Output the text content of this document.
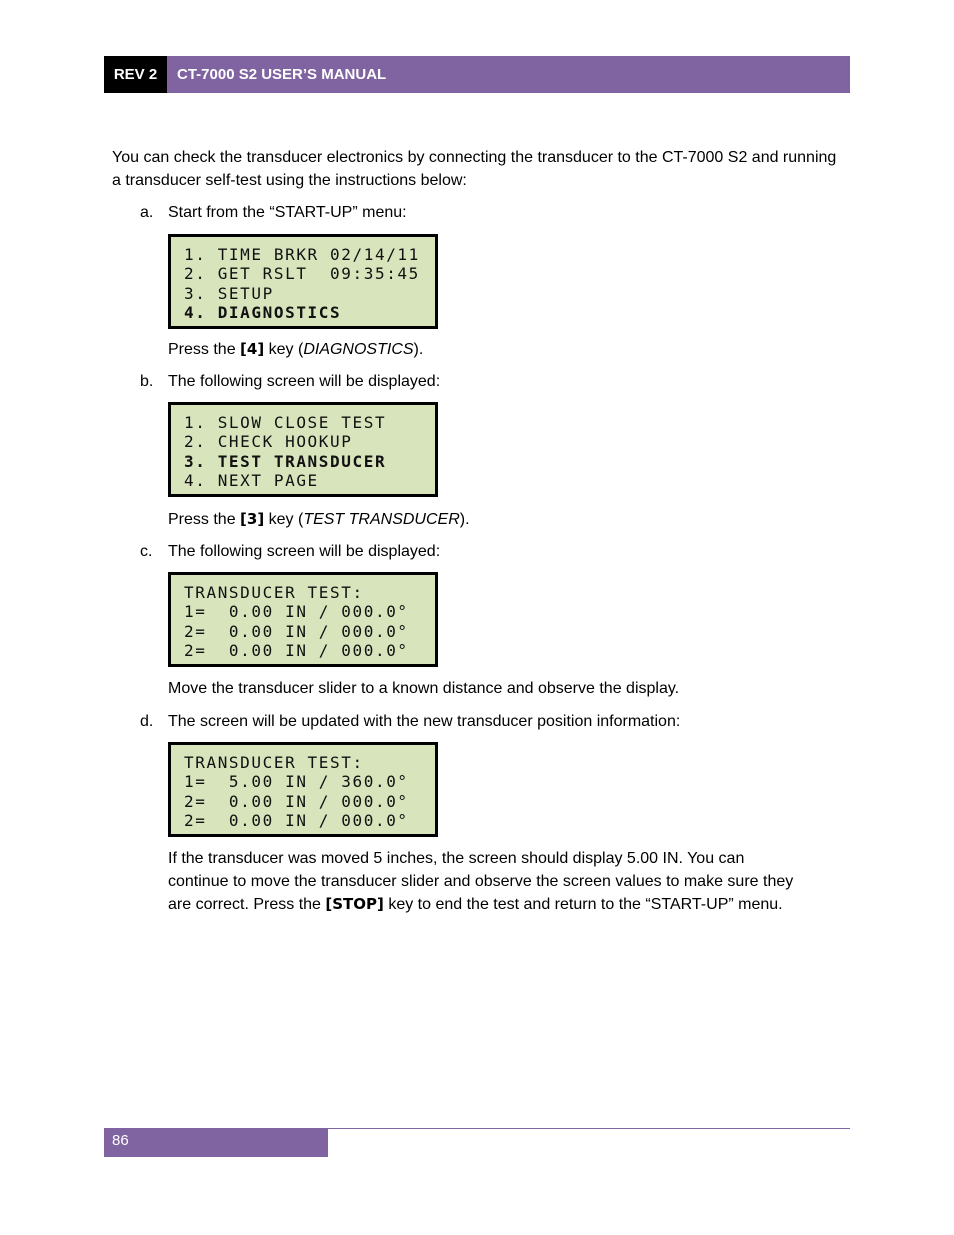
REV 2	CT-7000 S2 USER’S MANUAL
You can check the transducer electronics by connecting the transducer to the CT-7000 S2 and running a transducer self-test using the instructions below:
a. Start from the “START-UP” menu:
1. TIME BRKR 02/14/11
2. GET RSLT  09:35:45
3. SETUP
4. DIAGNOSTICS
Press the [4] key (DIAGNOSTICS).
b. The following screen will be displayed:
1. SLOW CLOSE TEST
2. CHECK HOOKUP
3. TEST TRANSDUCER
4. NEXT PAGE
Press the [3] key (TEST TRANSDUCER).
c. The following screen will be displayed:
TRANSDUCER TEST:
1=  0.00 IN / 000.0°
2=  0.00 IN / 000.0°
2=  0.00 IN / 000.0°
Move the transducer slider to a known distance and observe the display.
d. The screen will be updated with the new transducer position information:
TRANSDUCER TEST:
1=  5.00 IN / 360.0°
2=  0.00 IN / 000.0°
2=  0.00 IN / 000.0°
If the transducer was moved 5 inches, the screen should display 5.00 IN. You can
continue to move the transducer slider and observe the screen values to make sure they
are correct. Press the [STOP] key to end the test and return to the “START-UP” menu.
86
